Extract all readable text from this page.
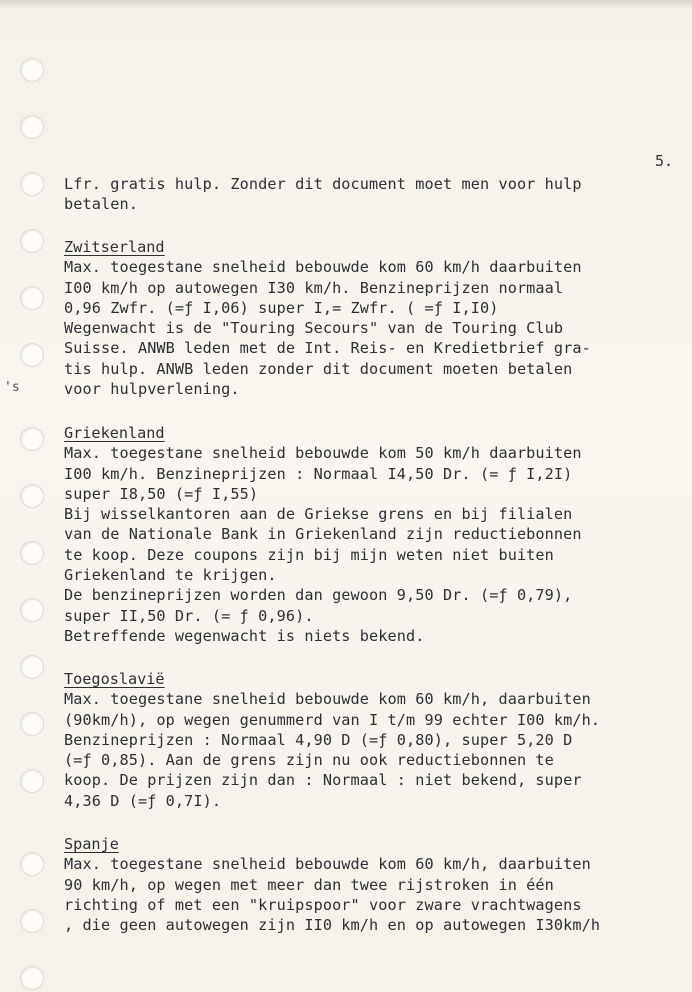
's
5.
Lfr. gratis hulp. Zonder dit document moet men voor hulp
betalen.
Zwitserland
Max. toegestane snelheid bebouwde kom 60 km/h daarbuiten
I00 km/h op autowegen I30 km/h. Benzineprijzen normaal
0,96 Zwfr. (=ƒ I,06) super I,= Zwfr. ( =ƒ I,I0)
Wegenwacht is de "Touring Secours" van de Touring Club
Suisse. ANWB leden met de Int. Reis- en Kredietbrief gra-
tis hulp. ANWB leden zonder dit document moeten betalen
voor hulpverlening.
Griekenland
Max. toegestane snelheid bebouwde kom 50 km/h daarbuiten
I00 km/h. Benzineprijzen : Normaal I4,50 Dr. (= ƒ I,2I)
super I8,50 (=ƒ I,55)
Bij wisselkantoren aan de Griekse grens en bij filialen
van de Nationale Bank in Griekenland zijn reductiebonnen
te koop. Deze coupons zijn bij mijn weten niet buiten
Griekenland te krijgen.
De benzineprijzen worden dan gewoon 9,50 Dr. (=ƒ 0,79),
super II,50 Dr. (= ƒ 0,96).
Betreffende wegenwacht is niets bekend.
Toegoslavië
Max. toegestane snelheid bebouwde kom 60 km/h, daarbuiten
(90km/h), op wegen genummerd van I t/m 99 echter I00 km/h.
Benzineprijzen : Normaal 4,90 D (=ƒ 0,80), super 5,20 D
(=ƒ 0,85). Aan de grens zijn nu ook reductiebonnen te
koop. De prijzen zijn dan : Normaal : niet bekend, super
4,36 D (=ƒ 0,7I).
Spanje
Max. toegestane snelheid bebouwde kom 60 km/h, daarbuiten
90 km/h, op wegen met meer dan twee rijstroken in één
richting of met een "kruipspoor" voor zware vrachtwagens
, die geen autowegen zijn II0 km/h en op autowegen I30km/h
